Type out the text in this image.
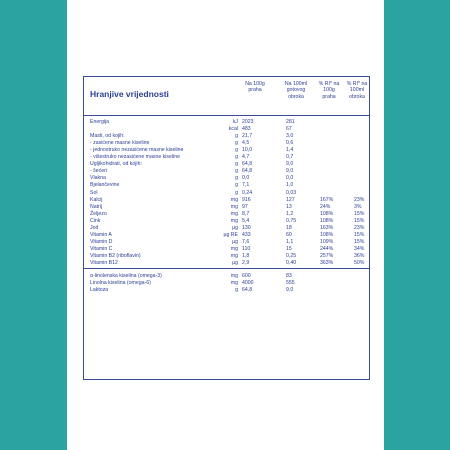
Hranjive vrijednosti
Na 100g
praha
Na 100ml
gotovog
obroka
% RI* na
100g
praha
% RI* na
100ml
obroka
Energija	kJ 2023	281
kcal 483	67
Masti, od kojih:	g 21,7	3,0
- zasićene masne kiseline	g 4,5	0,6
- jednostruko nezasićene masne kiseline	g 10,0	1,4
- višestruko nezasićene masne kiseline	g 4,7	0,7
Ugljikohidrati, od kojih:	g 64,8	9,0
- šećeri	g 64,8	9,0
Vlakna	g 0,0	0,0
Bjelančevine	g 7,1	1,0
Sol	g 0,24	0,03
Kalcij	mg 916	127	167%	23%
Natrij	mg 97	13	24%	3%
Željezo	mg 8,7	1,2	108%	15%
Cink	mg 5,4	0,75	108%	15%
Jod	µg 130	18	163%	23%
Vitamin A	µg RE 433	60	108%	15%
Vitamin D	µg 7,6	1,1	109%	15%
Vitamin C	mg 110	15	244%	34%
Vitamin B2 (riboflavin)	mg 1,8	0,25	257%	36%
Vitamin B12	µg 2,9	0,40	363%	50%
α-linolenska kiselina (omega-3)	mg 600	83
Linolna kiselina (omega-6)	mg 4000	555
Laktoza	g 64,8	9,0
